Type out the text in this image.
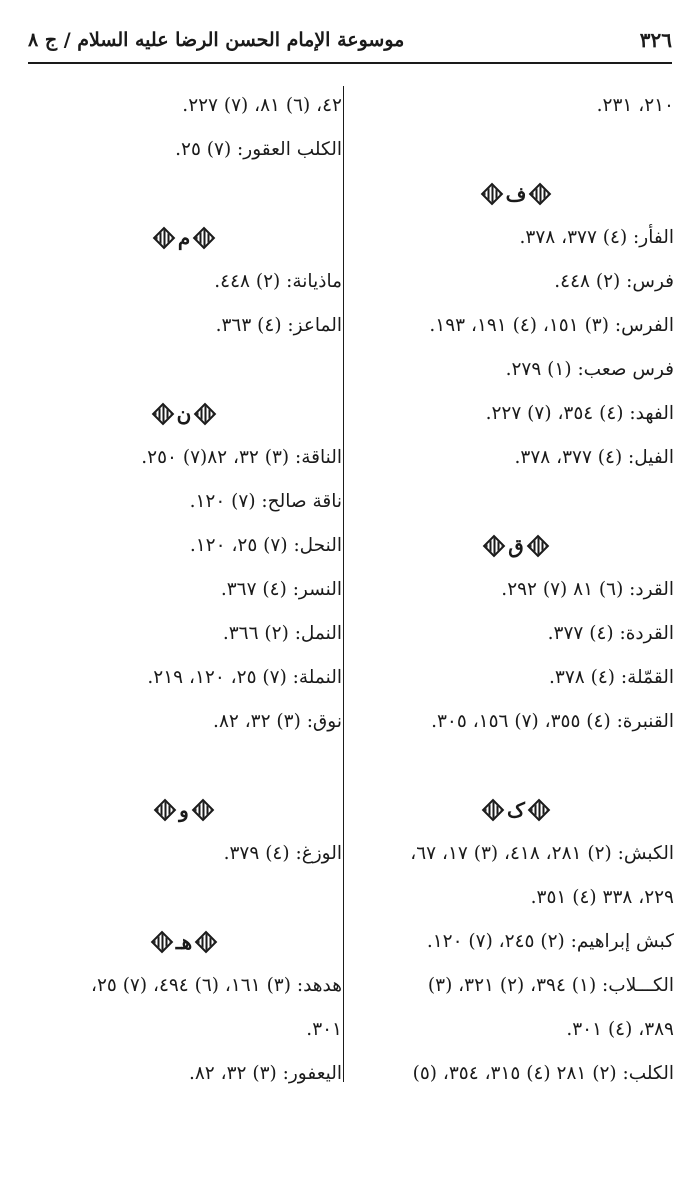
٣٢٦
موسوعة الإمام الحسن الرضا عليه السلام / ج ٨
٢١٠، ٢٣١.
ف
الفأر: (٤) ٣٧٧، ٣٧٨.
فرس: (٢) ٤٤٨.
الفرس: (٣) ١٥١، (٤) ١٩١، ١٩٣.
فرس صعب: (١) ٢٧٩.
الفهد: (٤) ٣٥٤، (٧) ٢٢٧.
الفيل: (٤) ٣٧٧، ٣٧٨.
ق
القرد: (٦) ٨١ (٧) ٢٩٢.
القردة: (٤) ٣٧٧.
القمّلة: (٤) ٣٧٨.
القنبرة: (٤) ٣٥٥، (٧) ١٥٦، ٣٠٥.
ک
الكبش: (٢) ٢٨١، ٤١٨، (٣) ١٧، ٦٧،
٢٢٩، ٣٣٨ (٤) ٣٥١.
كبش إبراهيم: (٢) ٢٤٥، (٧) ١٢٠.
الكـــلاب: (١) ٣٩٤، (٢) ٣٢١، (٣)
٣٨٩، (٤) ٣٠١.
الكلب: (٢) ٢٨١ (٤) ٣١٥، ٣٥٤، (٥)
٤٢، (٦) ٨١، (٧) ٢٢٧.
الكلب العقور: (٧) ٢٥.
م
ماذيانة: (٢) ٤٤٨.
الماعز: (٤) ٣٦٣.
ن
الناقة: (٣) ٣٢، ٨٢(٧) ٢٥٠.
ناقة صالح: (٧) ١٢٠.
النحل: (٧) ٢٥، ١٢٠.
النسر: (٤) ٣٦٧.
النمل: (٢) ٣٦٦.
النملة: (٧) ٢٥، ١٢٠، ٢١٩.
نوق: (٣) ٣٢، ٨٢.
و
الوزغ: (٤) ٣٧٩.
هـ
هدهد: (٣) ١٦١، (٦) ٤٩٤، (٧) ٢٥،
٣٠١.
اليعفور: (٣) ٣٢، ٨٢.
